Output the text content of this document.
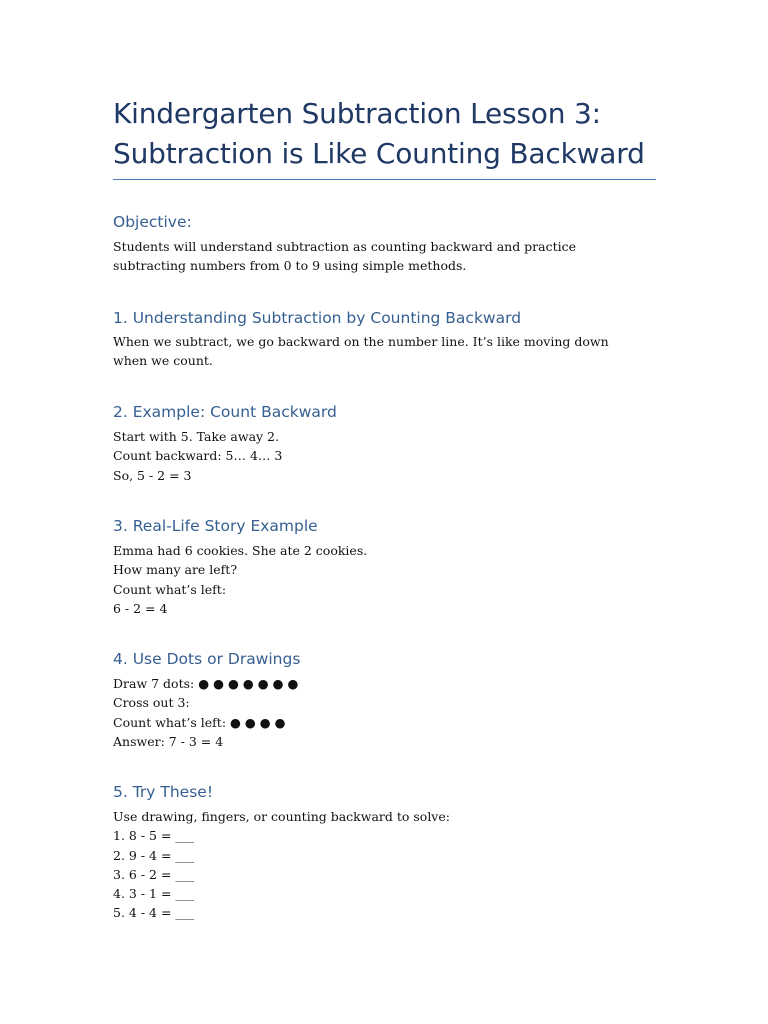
Kindergarten Subtraction Lesson 3:
Subtraction is Like Counting Backward
Objective:

Students will understand subtraction as counting backward and practice subtracting numbers from 0 to 9 using simple methods.

1. Understanding Subtraction by Counting Backward

When we subtract, we go backward on the number line. It’s like moving down when we count.

2. Example: Count Backward

Start with 5. Take away 2.
Count backward: 5… 4… 3
So, 5 - 2 = 3

3. Real-Life Story Example

Emma had 6 cookies. She ate 2 cookies.
How many are left?
Count what’s left:
6 - 2 = 4

4. Use Dots or Drawings

Draw 7 dots: ● ● ● ● ● ● ●
Cross out 3:
Count what’s left: ● ● ● ●
Answer: 7 - 3 = 4

5. Try These!

Use drawing, fingers, or counting backward to solve:
1. 8 - 5 = ___
2. 9 - 4 = ___
3. 6 - 2 = ___
4. 3 - 1 = ___
5. 4 - 4 = ___
